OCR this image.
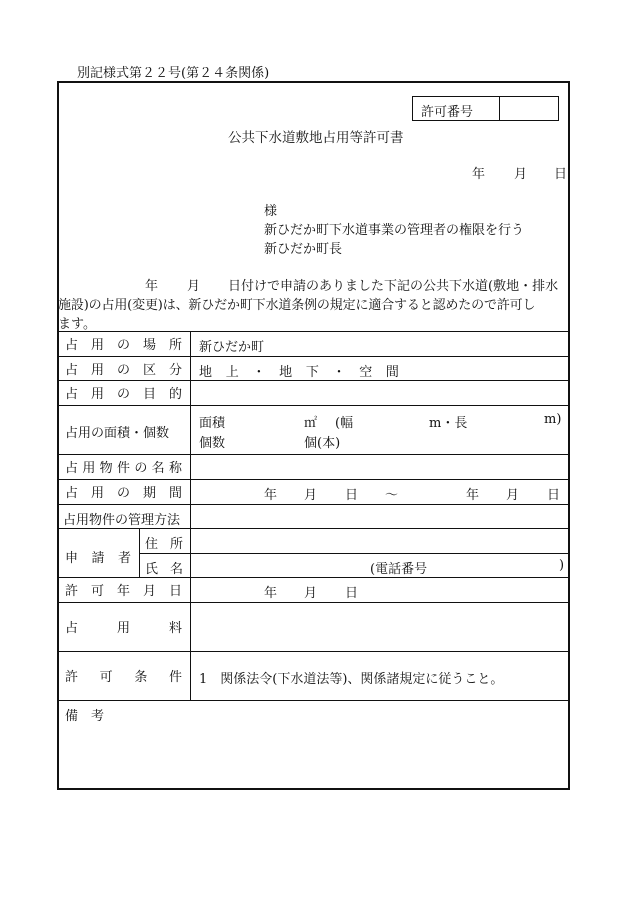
別記様式第２２号(第２４条関係)
許可番号
公共下水道敷地占用等許可書
年 月 日
様
新ひだか町下水道事業の管理者の権限を行う
新ひだか町長
年 月 日付けで申請のありました下記の公共下水道(敷地・排水
施設)の占用(変更)は、新ひだか町下水道条例の規定に適合すると認めたので許可し
ます。
占 用 の 場 所 新ひだか町
占 用 の 区 分 地 上 ・ 地 下 ・ 空 間
占 用 の 目 的
占用の面積・個数
面積	㎡ (幅	m・長	m)
個数	個(本)
占 用 物 件 の 名 称
占 用 の 期 間	年 月 日 ～	年 月 日
占用物件の管理方法
申 請 者
住 所
氏 名	(電話番号	)
許 可 年 月 日	年 月 日
占	用	料
許 可 条 件 1　関係法令(下水道法等)、関係諸規定に従うこと。
備　考
